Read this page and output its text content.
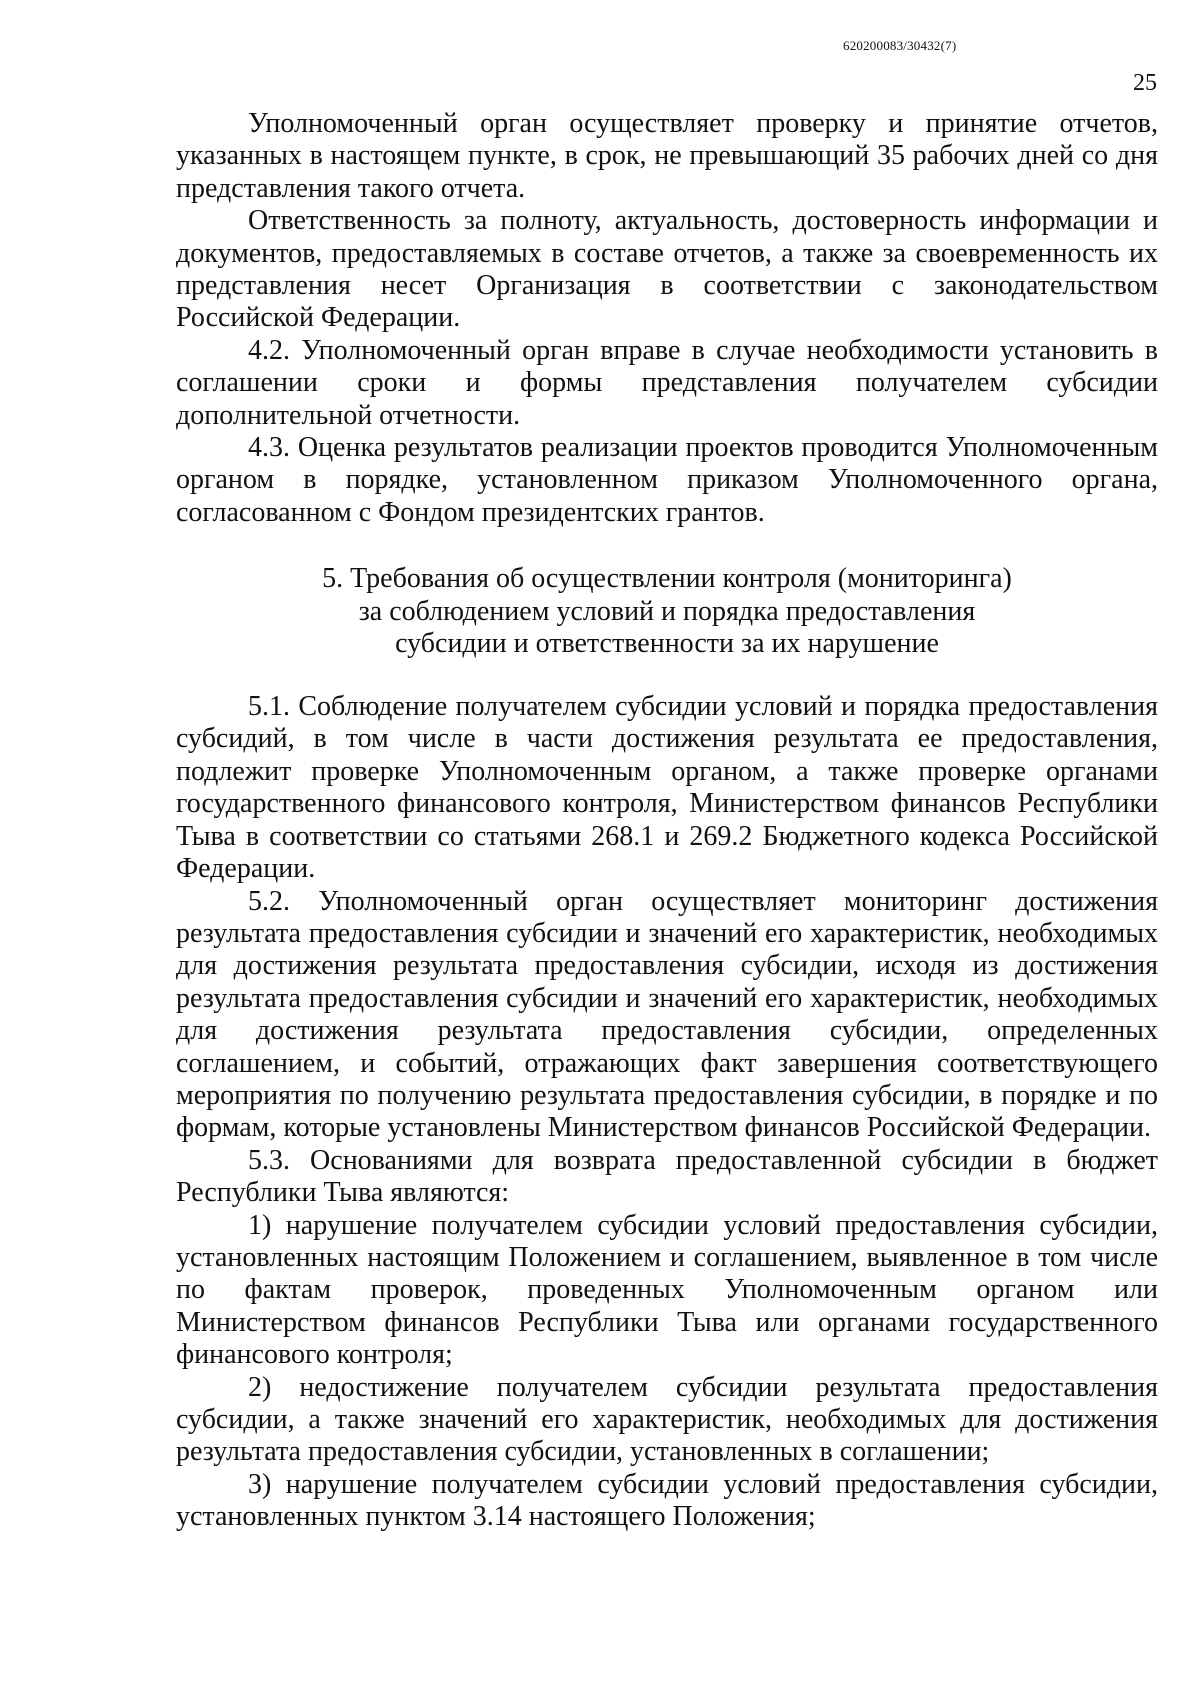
620200083/30432(7)
25

Уполномоченный орган осуществляет проверку и принятие отчетов, указанных в настоящем пункте, в срок, не превышающий 35 рабочих дней со дня представления такого отчета.

Ответственность за полноту, актуальность, достоверность информации и документов, предоставляемых в составе отчетов, а также за своевременность их представления несет Организация в соответствии с законодательством Российской Федерации.

4.2. Уполномоченный орган вправе в случае необходимости установить в соглашении сроки и формы представления получателем субсидии дополнительной отчетности.

4.3. Оценка результатов реализации проектов проводится Уполномоченным органом в порядке, установленном приказом Уполномоченного органа, согласованном с Фондом президентских грантов.

5. Требования об осуществлении контроля (мониторинга)
за соблюдением условий и порядка предоставления
субсидии и ответственности за их нарушение

5.1. Соблюдение получателем субсидии условий и порядка предоставления субсидий, в том числе в части достижения результата ее предоставления, подлежит проверке Уполномоченным органом, а также проверке органами государственного финансового контроля, Министерством финансов Республики Тыва в соответствии со статьями 268.1 и 269.2 Бюджетного кодекса Российской Федерации.

5.2. Уполномоченный орган осуществляет мониторинг достижения результата предоставления субсидии и значений его характеристик, необходимых для достижения результата предоставления субсидии, исходя из достижения результата предоставления субсидии и значений его характеристик, необходимых для достижения результата предоставления субсидии, определенных соглашением, и событий, отражающих факт завершения соответствующего мероприятия по получению результата предоставления субсидии, в порядке и по формам, которые установлены Министерством финансов Российской Федерации.

5.3. Основаниями для возврата предоставленной субсидии в бюджет Республики Тыва являются:

1) нарушение получателем субсидии условий предоставления субсидии, установленных настоящим Положением и соглашением, выявленное в том числе по фактам проверок, проведенных Уполномоченным органом или Министерством финансов Республики Тыва или органами государственного финансового контроля;

2) недостижение получателем субсидии результата предоставления субсидии, а также значений его характеристик, необходимых для достижения результата предоставления субсидии, установленных в соглашении;

3) нарушение получателем субсидии условий предоставления субсидии, установленных пунктом 3.14 настоящего Положения;
